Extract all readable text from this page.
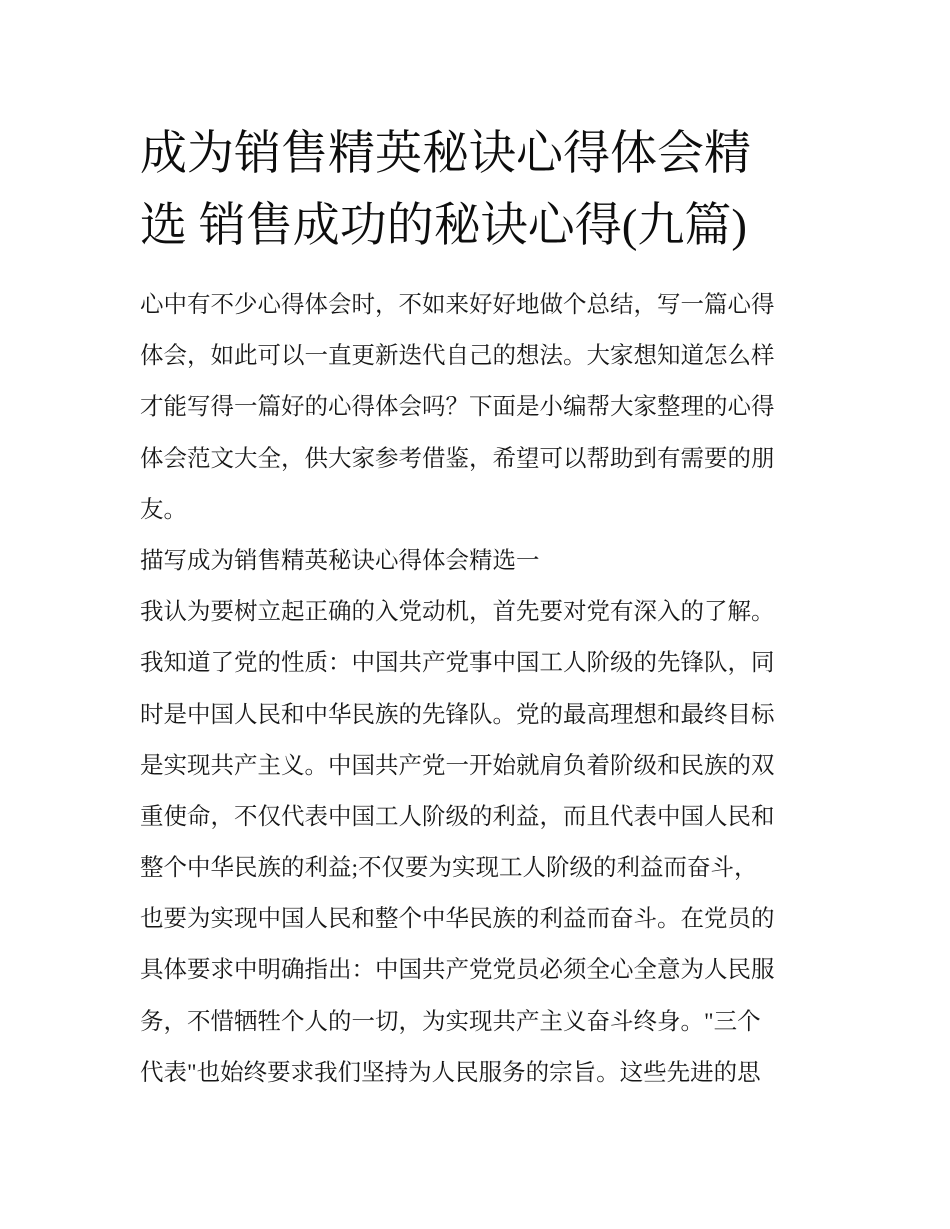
成为销售精英秘诀心得体会精
选 销售成功的秘诀心得(九篇)
心中有不少心得体会时，不如来好好地做个总结，写一篇心得
体会，如此可以一直更新迭代自己的想法。大家想知道怎么样
才能写得一篇好的心得体会吗？下面是小编帮大家整理的心得
体会范文大全，供大家参考借鉴，希望可以帮助到有需要的朋
友。
描写成为销售精英秘诀心得体会精选一
我认为要树立起正确的入党动机，首先要对党有深入的了解。
我知道了党的性质：中国共产党事中国工人阶级的先锋队，同
时是中国人民和中华民族的先锋队。党的最高理想和最终目标
是实现共产主义。中国共产党一开始就肩负着阶级和民族的双
重使命，不仅代表中国工人阶级的利益，而且代表中国人民和
整个中华民族的利益;不仅要为实现工人阶级的利益而奋斗，
也要为实现中国人民和整个中华民族的利益而奋斗。在党员的
具体要求中明确指出：中国共产党党员必须全心全意为人民服
务，不惜牺牲个人的一切，为实现共产主义奋斗终身。"三个
代表"也始终要求我们坚持为人民服务的宗旨。这些先进的思
